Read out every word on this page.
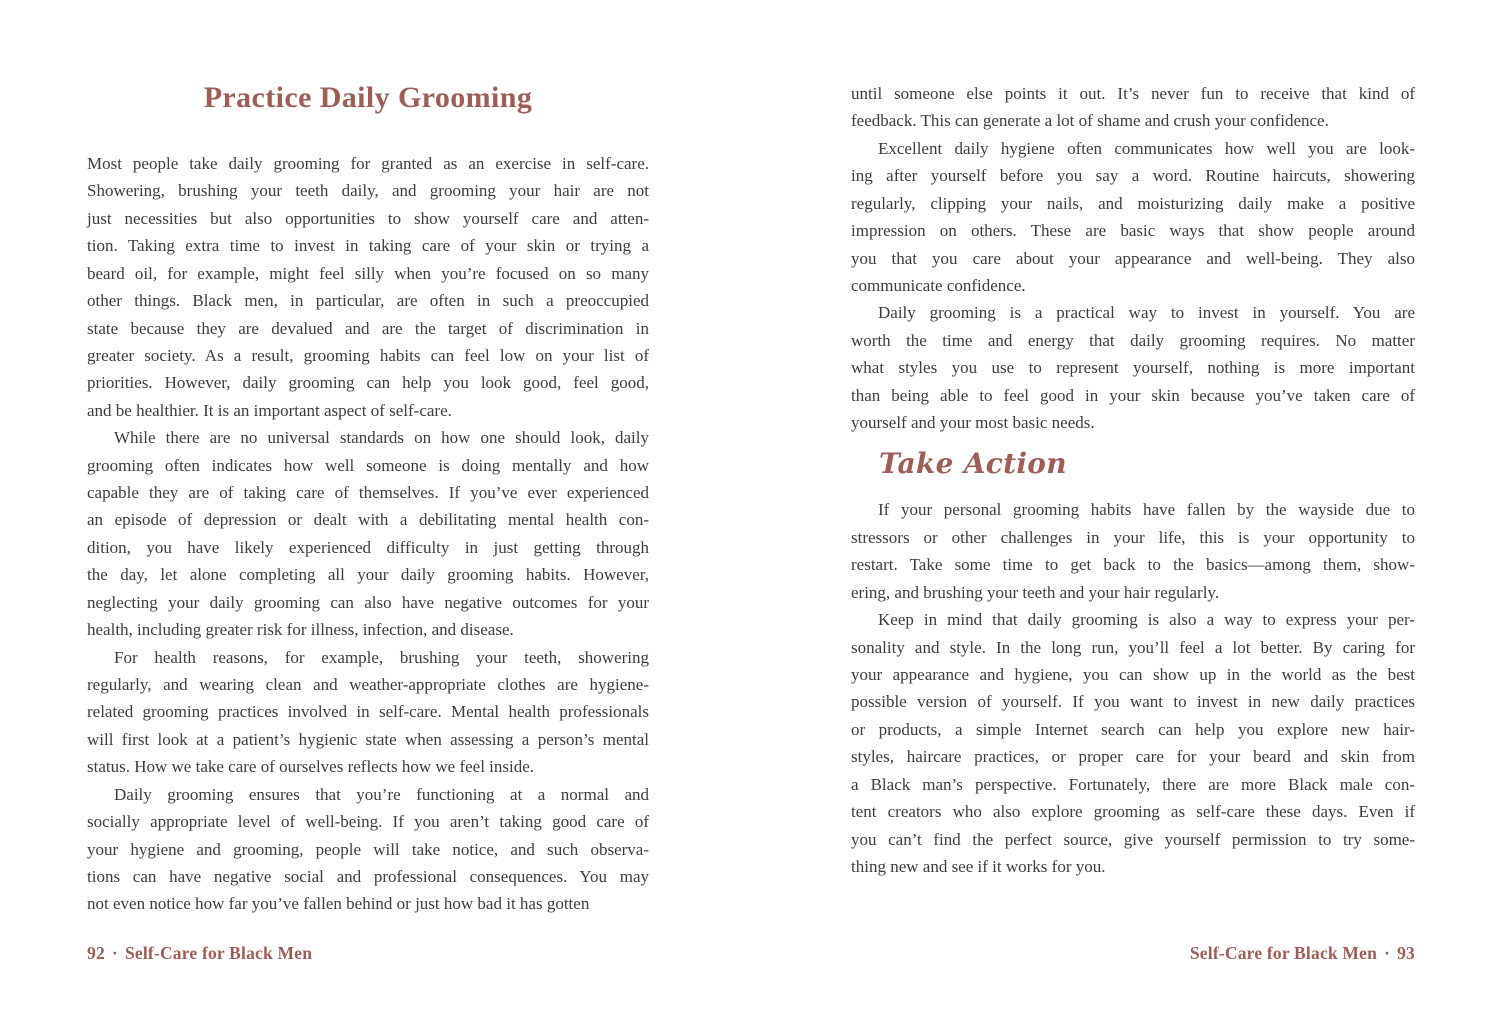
Practice Daily Grooming
Most people take daily grooming for granted as an exercise in self-care.
Showering, brushing your teeth daily, and grooming your hair are not
just necessities but also opportunities to show yourself care and atten-
tion. Taking extra time to invest in taking care of your skin or trying a
beard oil, for example, might feel silly when you’re focused on so many
other things. Black men, in particular, are often in such a preoccupied
state because they are devalued and are the target of discrimination in
greater society. As a result, grooming habits can feel low on your list of
priorities. However, daily grooming can help you look good, feel good,
and be healthier. It is an important aspect of self-care.
While there are no universal standards on how one should look, daily
grooming often indicates how well someone is doing mentally and how
capable they are of taking care of themselves. If you’ve ever experienced
an episode of depression or dealt with a debilitating mental health con-
dition, you have likely experienced difficulty in just getting through
the day, let alone completing all your daily grooming habits. However,
neglecting your daily grooming can also have negative outcomes for your
health, including greater risk for illness, infection, and disease.
For health reasons, for example, brushing your teeth, showering
regularly, and wearing clean and weather-appropriate clothes are hygiene-
related grooming practices involved in self-care. Mental health professionals
will first look at a patient’s hygienic state when assessing a person’s mental
status. How we take care of ourselves reflects how we feel inside.
Daily grooming ensures that you’re functioning at a normal and
socially appropriate level of well-being. If you aren’t taking good care of
your hygiene and grooming, people will take notice, and such observa-
tions can have negative social and professional consequences. You may
not even notice how far you’ve fallen behind or just how bad it has gotten
92 · Self-Care for Black Men
until someone else points it out. It’s never fun to receive that kind of
feedback. This can generate a lot of shame and crush your confidence.
Excellent daily hygiene often communicates how well you are look-
ing after yourself before you say a word. Routine haircuts, showering
regularly, clipping your nails, and moisturizing daily make a positive
impression on others. These are basic ways that show people around
you that you care about your appearance and well-being. They also
communicate confidence.
Daily grooming is a practical way to invest in yourself. You are
worth the time and energy that daily grooming requires. No matter
what styles you use to represent yourself, nothing is more important
than being able to feel good in your skin because you’ve taken care of
yourself and your most basic needs.
Take Action
If your personal grooming habits have fallen by the wayside due to
stressors or other challenges in your life, this is your opportunity to
restart. Take some time to get back to the basics—among them, show-
ering, and brushing your teeth and your hair regularly.
Keep in mind that daily grooming is also a way to express your per-
sonality and style. In the long run, you’ll feel a lot better. By caring for
your appearance and hygiene, you can show up in the world as the best
possible version of yourself. If you want to invest in new daily practices
or products, a simple Internet search can help you explore new hair-
styles, haircare practices, or proper care for your beard and skin from
a Black man’s perspective. Fortunately, there are more Black male con-
tent creators who also explore grooming as self-care these days. Even if
you can’t find the perfect source, give yourself permission to try some-
thing new and see if it works for you.
Self-Care for Black Men · 93
